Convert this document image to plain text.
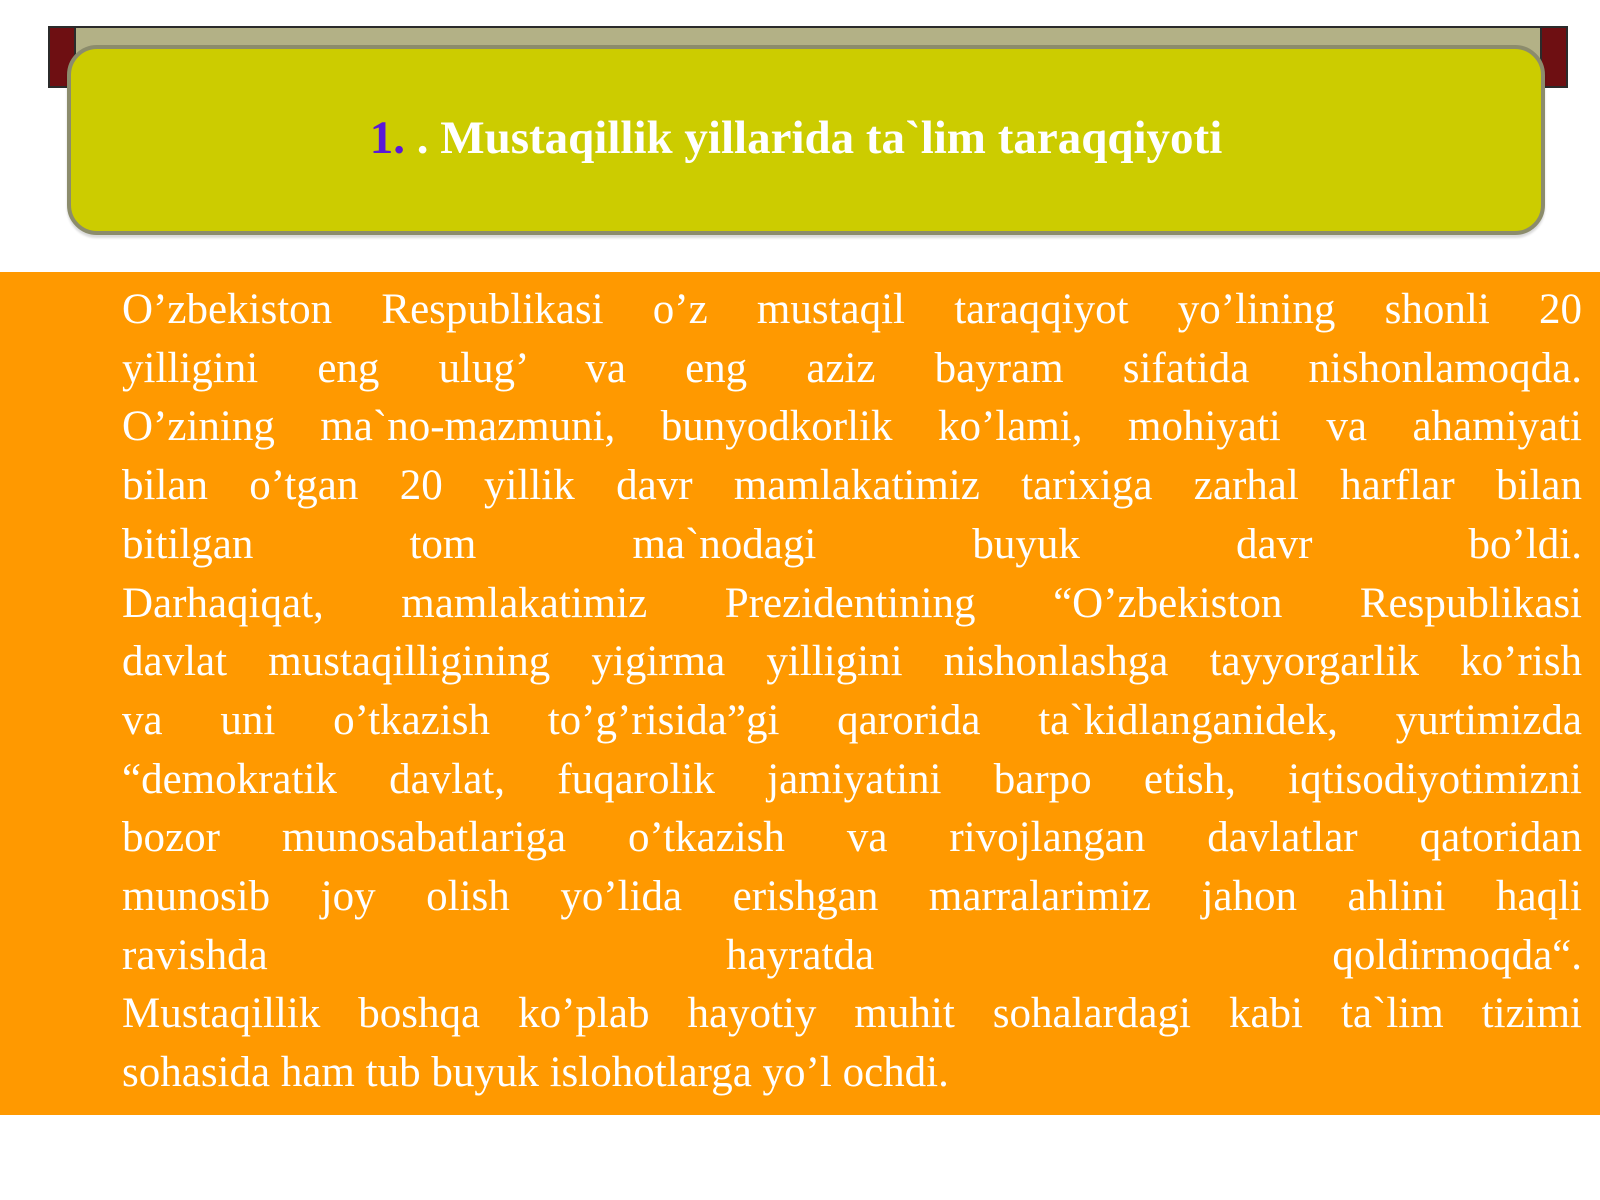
1. . Mustaqillik yillarida ta`lim taraqqiyoti

O’zbekiston Respublikasi o’z mustaqil taraqqiyot yo’lining shonli 20
yilligini eng ulug’ va eng aziz bayram sifatida nishonlamoqda.
O’zining ma`no-mazmuni, bunyodkorlik ko’lami, mohiyati va ahamiyati
bilan o’tgan 20 yillik davr mamlakatimiz tarixiga zarhal harflar bilan
bitilgan tom ma`nodagi buyuk davr bo’ldi.
Darhaqiqat, mamlakatimiz Prezidentining “O’zbekiston Respublikasi
davlat mustaqilligining yigirma yilligini nishonlashga tayyorgarlik ko’rish
va uni o’tkazish to’g’risida”gi qarorida ta`kidlanganidek, yurtimizda
“demokratik davlat, fuqarolik jamiyatini barpo etish, iqtisodiyotimizni
bozor munosabatlariga o’tkazish va rivojlangan davlatlar qatoridan
munosib joy olish yo’lida erishgan marralarimiz jahon ahlini haqli
ravishda hayratda qoldirmoqda“.
Mustaqillik boshqa ko’plab hayotiy muhit sohalardagi kabi ta`lim tizimi
sohasida ham tub buyuk islohotlarga yo’l ochdi.
